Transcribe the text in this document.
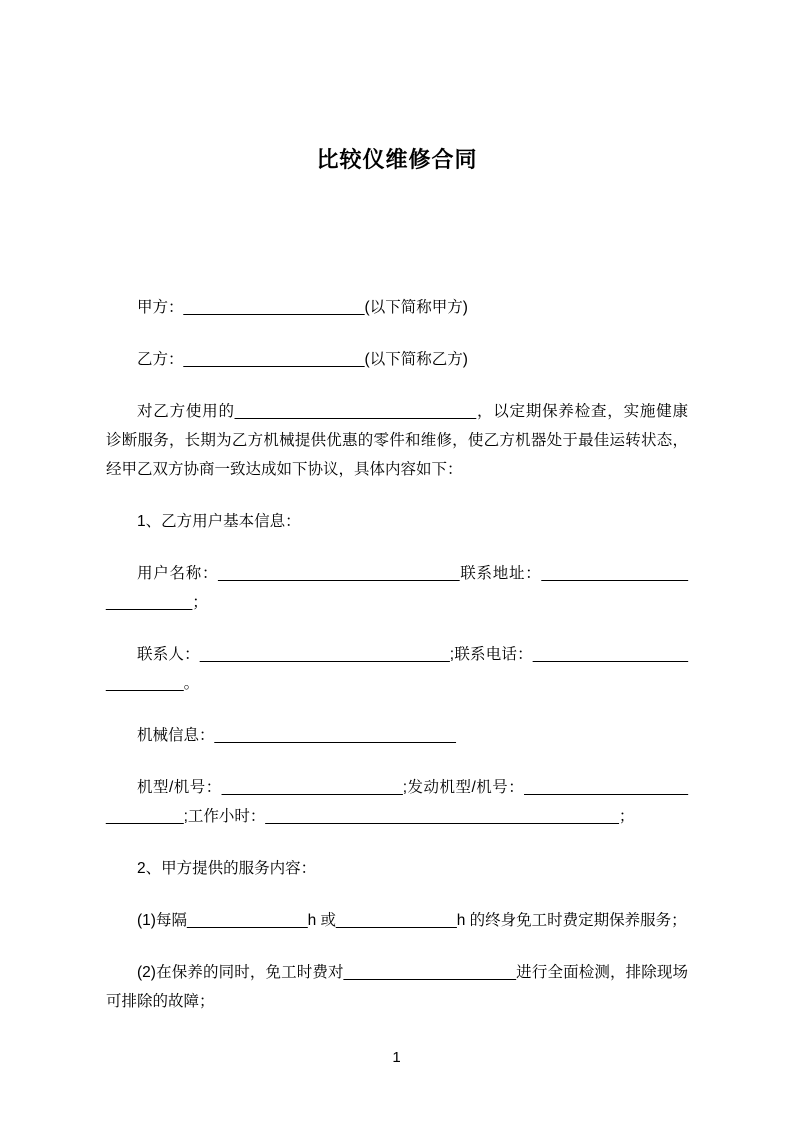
比较仪维修合同

甲方：_____________________(以下简称甲方)

乙方：_____________________(以下简称乙方)

对乙方使用的____________________________，以定期保养检查，实施健康诊断服务，长期为乙方机械提供优惠的零件和维修，使乙方机器处于最佳运转状态，经甲乙双方协商一致达成如下协议，具体内容如下：

1、乙方用户基本信息：

用户名称：____________________________联系地址：___________________________；

联系人：_____________________________;联系电话：___________________________。

机械信息：____________________________

机型/机号：_____________________;发动机型/机号：____________________________;工作小时：_________________________________________；

2、甲方提供的服务内容：

(1)每隔______________h 或______________h 的终身免工时费定期保养服务；

(2)在保养的同时，免工时费对____________________进行全面检测，排除现场可排除的故障；

1
